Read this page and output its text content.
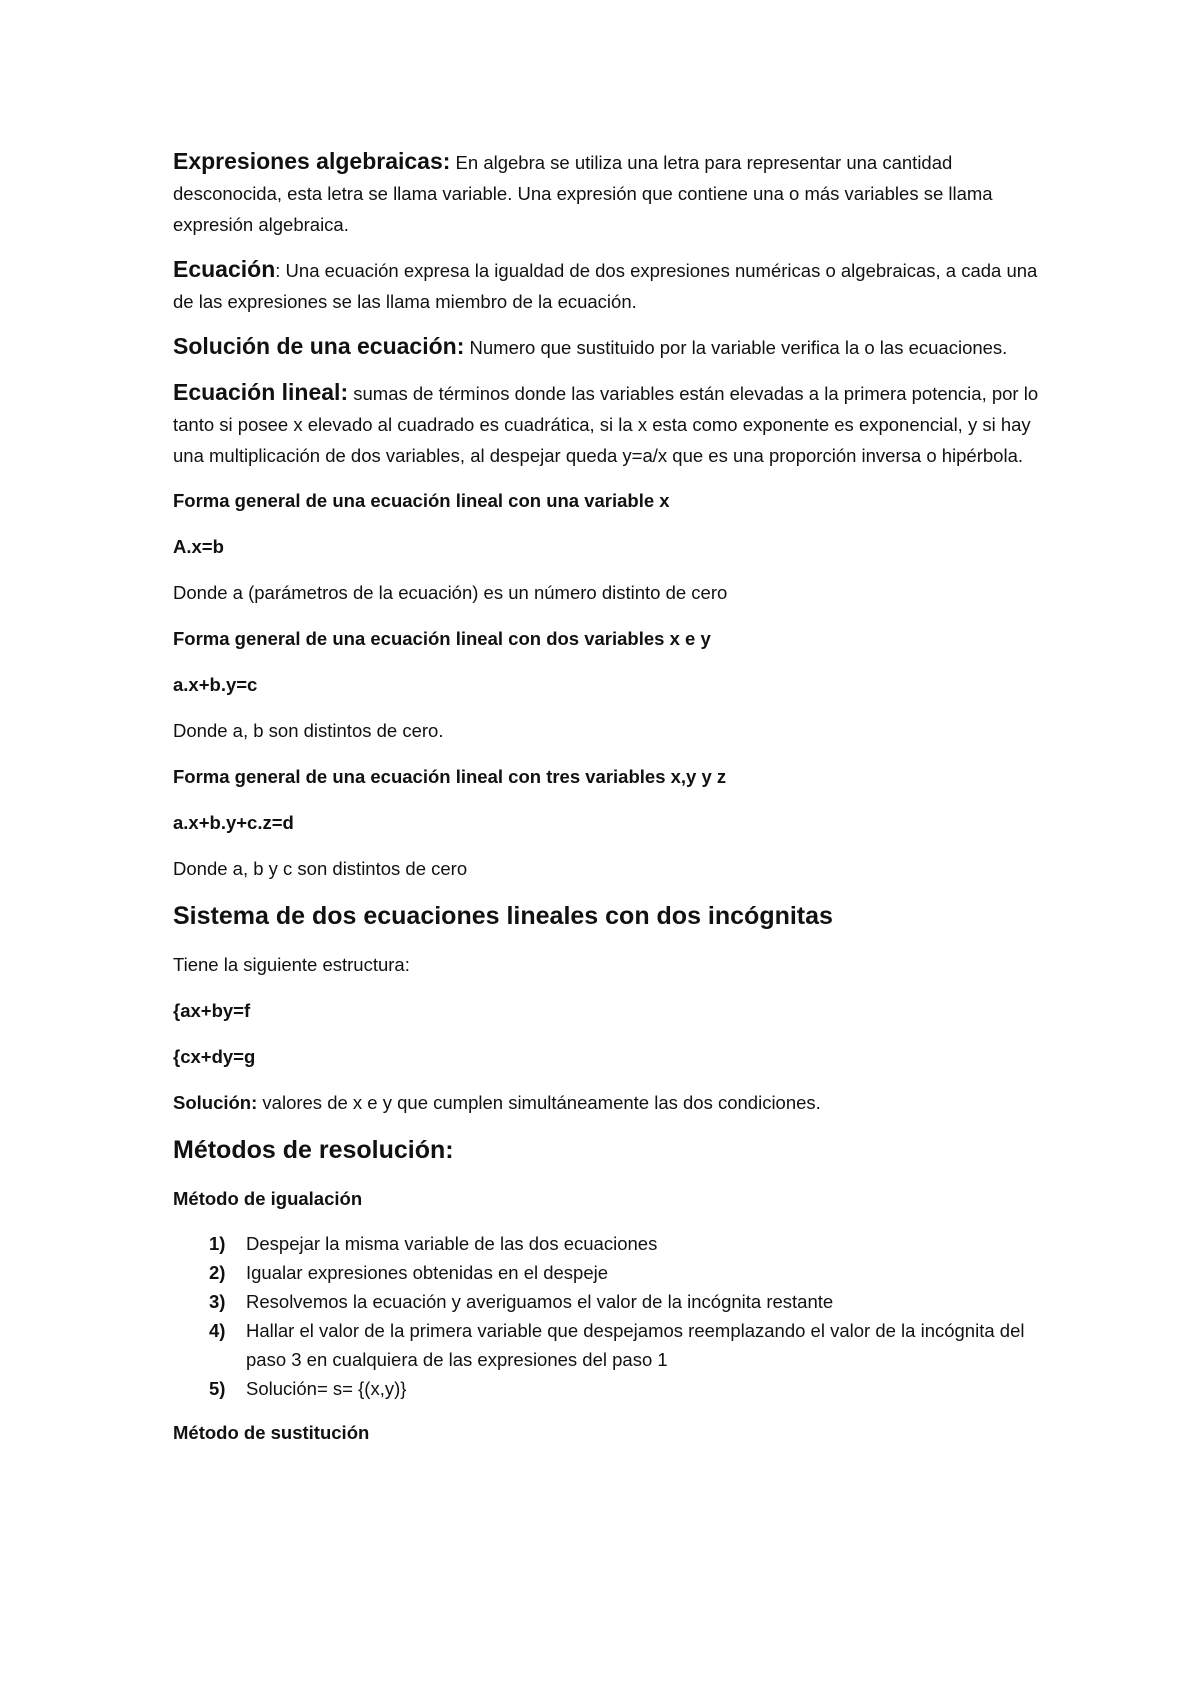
Expresiones algebraicas: En algebra se utiliza una letra para representar una cantidad desconocida, esta letra se llama variable. Una expresión que contiene una o más variables se llama expresión algebraica.

Ecuación: Una ecuación expresa la igualdad de dos expresiones numéricas o algebraicas, a cada una de las expresiones se las llama miembro de la ecuación.

Solución de una ecuación: Numero que sustituido por la variable verifica la o las ecuaciones.

Ecuación lineal: sumas de términos donde las variables están elevadas a la primera potencia, por lo tanto si posee x elevado al cuadrado es cuadrática, si la x esta como exponente es exponencial, y si hay una multiplicación de dos variables, al despejar queda y=a/x que es una proporción inversa o hipérbola.

Forma general de una ecuación lineal con una variable x

A.x=b

Donde a (parámetros de la ecuación) es un número distinto de cero

Forma general de una ecuación lineal con dos variables x e y

a.x+b.y=c

Donde a, b son distintos de cero.

Forma general de una ecuación lineal con tres variables x,y y z

a.x+b.y+c.z=d

Donde a, b y c son distintos de cero

Sistema de dos ecuaciones lineales con dos incógnitas

Tiene la siguiente estructura:

{ax+by=f

{cx+dy=g

Solución: valores de x e y que cumplen simultáneamente las dos condiciones.

Métodos de resolución:

Método de igualación

1) Despejar la misma variable de las dos ecuaciones
2) Igualar expresiones obtenidas en el despeje
3) Resolvemos la ecuación y averiguamos el valor de la incógnita restante
4) Hallar el valor de la primera variable que despejamos reemplazando el valor de la incógnita del paso 3 en cualquiera de las expresiones del paso 1
5) Solución= s= {(x,y)}

Método de sustitución
